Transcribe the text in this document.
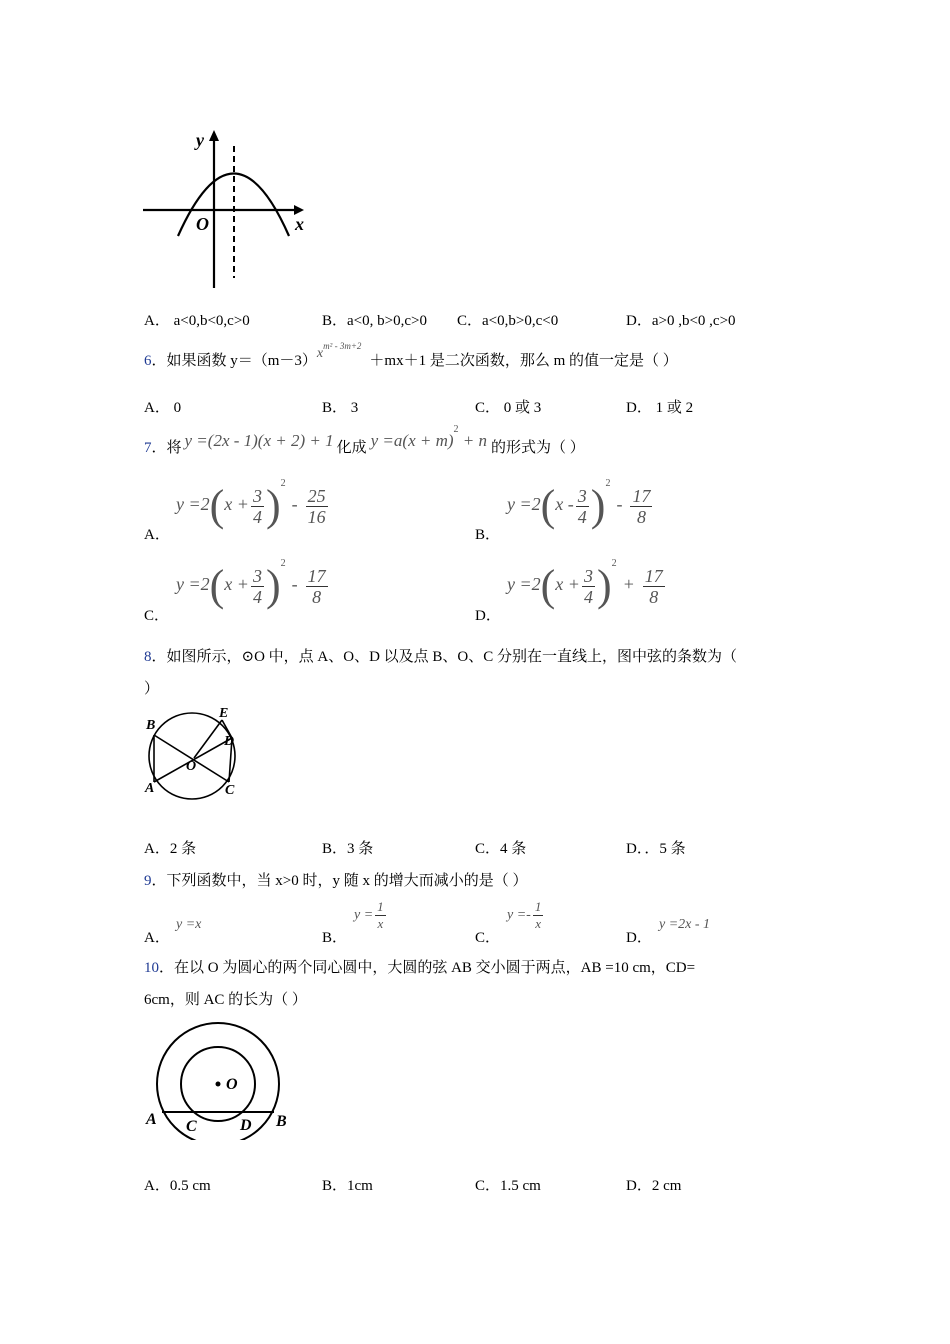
y
x
O
A． a<0,b<0,c>0	B．a<0, b>0,c>0 C．a<0,b>0,c<0	D．a>0 ,b<0 ,c>0
6．如果函数 $y=(m-3)x^{m^2 - 3m+2}+mx+1$ 是二次函数，那么 m 的值一定是（ ）
A． 0	B． 3	C． 0 或 3	D． 1 或 2
7．将 y =(2x - 1)(x + 2) + 1 化成 $y =a(x + m)^2 + n$ 的形式为（ ）
A．
$y =2(x + \frac{3}{4} )^2- \frac{25}{16}$
B．
$y =2(x - \frac{3}{4} )^2- \frac{17}{8}$
C．
$y =2(x + \frac{3}{4} )^2- \frac{17}{8}$
D．
$y =2(x + \frac{3}{4} )^2+ \frac{17}{8}$
8．如图所示，⊙O 中，点 A、O、D 以及点 B、O、C 分别在一直线上，图中弦的条数为（
）
B
E
D
O
A	C
A．2 条	B．3 条	C．4 条	D．．5 条
9．下列函数中，当 x>0 时，y 随 x 的增大而减小的是（ ）
A．
y =x
B．
$y = \frac{1}{x}$
C．
$y =- \frac{1}{x}$
D．
y =2x - 1
10．在以 O 为圆心的两个同心圆中，大圆的弦 AB 交小圆于两点，AB =10 cm，CD=
6cm，则 AC 的长为（ ）
O
A	B
C	D
A．0.5 cm	B．1cm	C．1.5 cm	D．2 cm
